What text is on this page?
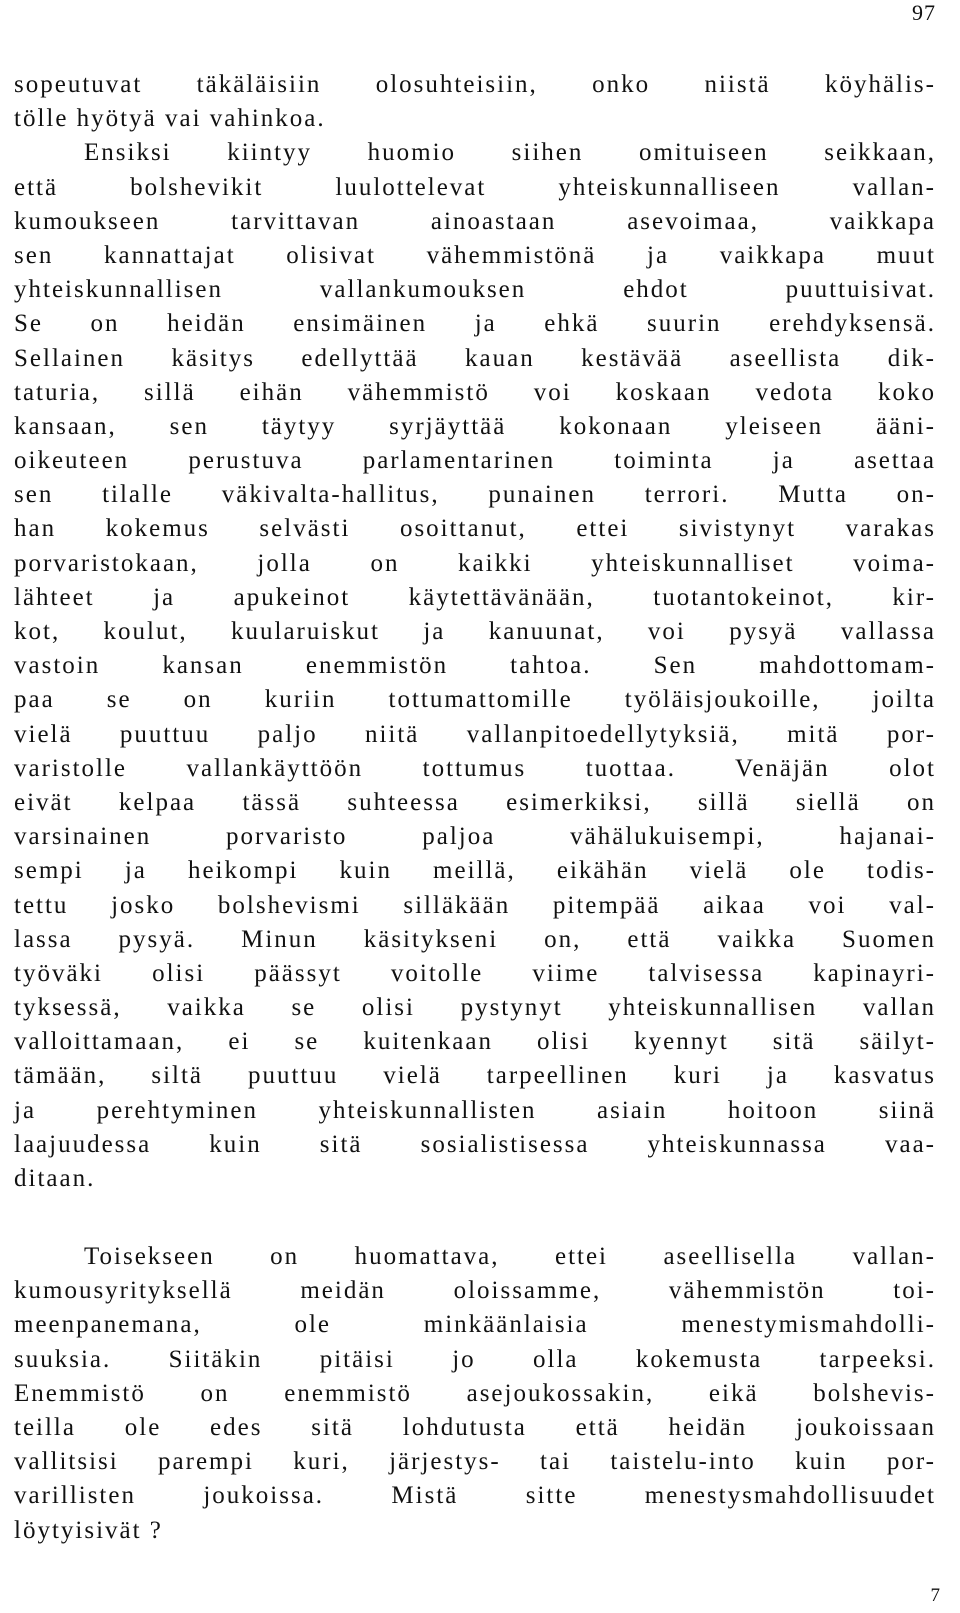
97
sopeutuvat täkäläisiin olosuhteisiin, onko niistä köyhälis-
tölle hyötyä vai vahinkoa.
Ensiksi kiintyy huomio siihen omituiseen seikkaan,
että bolshevikit luulottelevat yhteiskunnalliseen vallan-
kumoukseen tarvittavan ainoastaan asevoimaa, vaikkapa
sen kannattajat olisivat vähemmistönä ja vaikkapa muut
yhteiskunnallisen vallankumouksen ehdot puuttuisivat.
Se on heidän ensimäinen ja ehkä suurin erehdyksensä.
Sellainen käsitys edellyttää kauan kestävää aseellista dik-
taturia, sillä eihän vähemmistö voi koskaan vedota koko
kansaan, sen täytyy syrjäyttää kokonaan yleiseen ääni-
oikeuteen perustuva parlamentarinen toiminta ja asettaa
sen tilalle väkivalta-hallitus, punainen terrori. Mutta on-
han kokemus selvästi osoittanut, ettei sivistynyt varakas
porvaristokaan, jolla on kaikki yhteiskunnalliset voima-
lähteet ja apukeinot käytettävänään, tuotantokeinot, kir-
kot, koulut, kuularuiskut ja kanuunat, voi pysyä vallassa
vastoin kansan enemmistön tahtoa. Sen mahdottomam-
paa se on kuriin tottumattomille työläisjoukoille, joilta
vielä puuttuu paljo niitä vallanpitoedellytyksiä, mitä por-
varistolle vallankäyttöön tottumus tuottaa. Venäjän olot
eivät kelpaa tässä suhteessa esimerkiksi, sillä siellä on
varsinainen porvaristo paljoa vähälukuisempi, hajanai-
sempi ja heikompi kuin meillä, eikähän vielä ole todis-
tettu josko bolshevismi silläkään pitempää aikaa voi val-
lassa pysyä. Minun käsitykseni on, että vaikka Suomen
työväki olisi päässyt voitolle viime talvisessa kapinayri-
tyksessä, vaikka se olisi pystynyt yhteiskunnallisen vallan
valloittamaan, ei se kuitenkaan olisi kyennyt sitä säilyt-
tämään, siltä puuttuu vielä tarpeellinen kuri ja kasvatus
ja perehtyminen yhteiskunnallisten asiain hoitoon siinä
laajuudessa kuin sitä sosialistisessa yhteiskunnassa vaa-
ditaan.
Toisekseen on huomattava, ettei aseellisella vallan-
kumousyrityksellä meidän oloissamme, vähemmistön toi-
meenpanemana, ole minkäänlaisia menestymismahdolli-
suuksia. Siitäkin pitäisi jo olla kokemusta tarpeeksi.
Enemmistö on enemmistö asejoukossakin, eikä bolshevis-
teilla ole edes sitä lohdutusta että heidän joukoissaan
vallitsisi parempi kuri, järjestys- tai taistelu-into kuin por-
varillisten joukoissa. Mistä sitte menestysmahdollisuudet
löytyisivät ?
7
